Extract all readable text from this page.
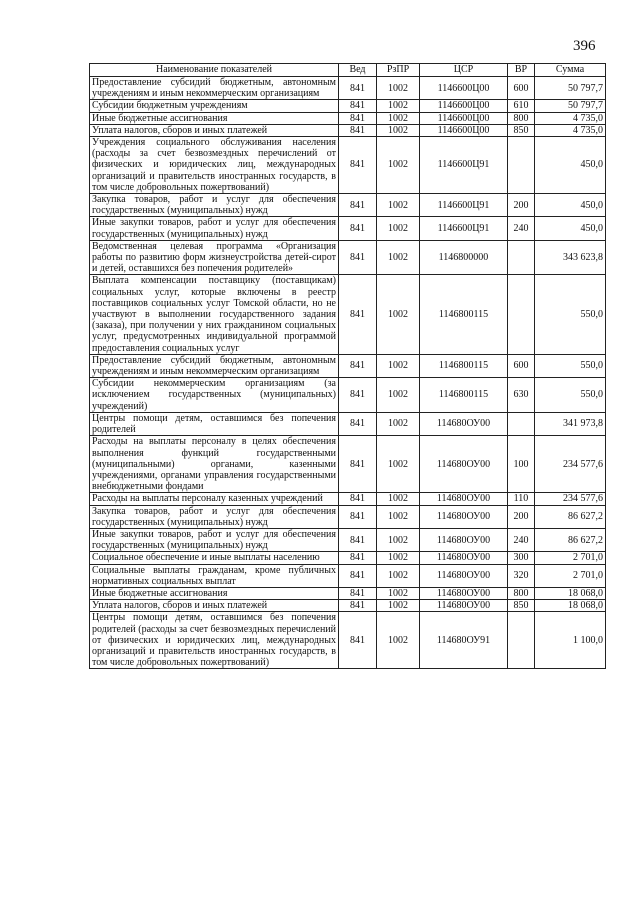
396
Наименование показателей	Вед	РзПР	ЦСР	ВР	Сумма
Предоставление субсидий бюджетным, автономным учреждениям и иным некоммерческим организациям	841	1002	1146600Ц00	600	50 797,7
Субсидии бюджетным учреждениям	841	1002	1146600Ц00	610	50 797,7
Иные бюджетные ассигнования	841	1002	1146600Ц00	800	4 735,0
Уплата налогов, сборов и иных платежей	841	1002	1146600Ц00	850	4 735,0
Учреждения социального обслуживания населения (расходы за счет безвозмездных перечислений от физических и юридических лиц, международных организаций и правительств иностранных государств, в том числе добровольных пожертвований)	841	1002	1146600Ц91		450,0
Закупка товаров, работ и услуг для обеспечения государственных (муниципальных) нужд	841	1002	1146600Ц91	200	450,0
Иные закупки товаров, работ и услуг для обеспечения государственных (муниципальных) нужд	841	1002	1146600Ц91	240	450,0
Ведомственная целевая программа «Организация работы по развитию форм жизнеустройства детей-сирот и детей, оставшихся без попечения родителей»	841	1002	1146800000		343 623,8
Выплата компенсации поставщику (поставщикам) социальных услуг, которые включены в реестр поставщиков социальных услуг Томской области, но не участвуют в выполнении государственного задания (заказа), при получении у них гражданином социальных услуг, предусмотренных индивидуальной программой предоставления социальных услуг	841	1002	1146800115		550,0
Предоставление субсидий бюджетным, автономным учреждениям и иным некоммерческим организациям	841	1002	1146800115	600	550,0
Субсидии некоммерческим организациям (за исключением государственных (муниципальных) учреждений)	841	1002	1146800115	630	550,0
Центры помощи детям, оставшимся без попечения родителей	841	1002	114680ОУ00		341 973,8
Расходы на выплаты персоналу в целях обеспечения выполнения функций государственными (муниципальными) органами, казенными учреждениями, органами управления государственными внебюджетными фондами	841	1002	114680ОУ00	100	234 577,6
Расходы на выплаты персоналу казенных учреждений	841	1002	114680ОУ00	110	234 577,6
Закупка товаров, работ и услуг для обеспечения государственных (муниципальных) нужд	841	1002	114680ОУ00	200	86 627,2
Иные закупки товаров, работ и услуг для обеспечения государственных (муниципальных) нужд	841	1002	114680ОУ00	240	86 627,2
Социальное обеспечение и иные выплаты населению	841	1002	114680ОУ00	300	2 701,0
Социальные выплаты гражданам, кроме публичных нормативных социальных выплат	841	1002	114680ОУ00	320	2 701,0
Иные бюджетные ассигнования	841	1002	114680ОУ00	800	18 068,0
Уплата налогов, сборов и иных платежей	841	1002	114680ОУ00	850	18 068,0
Центры помощи детям, оставшимся без попечения родителей (расходы за счет безвозмездных перечислений от физических и юридических лиц, международных организаций и правительств иностранных государств, в том числе добровольных пожертвований)	841	1002	114680ОУ91		1 100,0
